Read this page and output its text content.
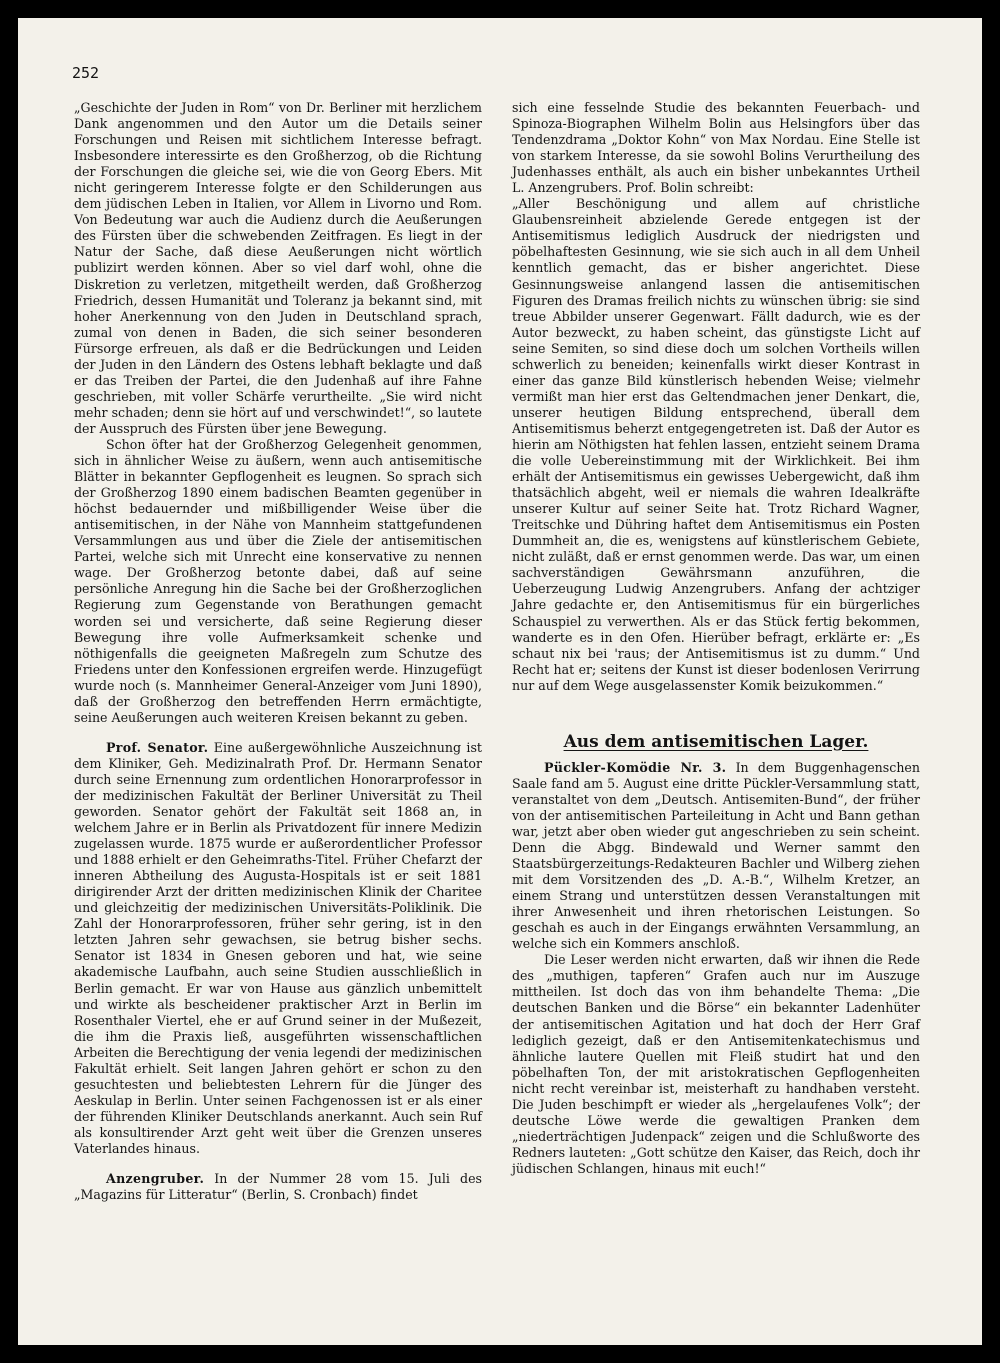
252

„Geschichte der Juden in Rom“ von Dr. Berliner mit herzlichem Dank angenommen und den Autor um die Details seiner Forschungen und Reisen mit sichtlichem Interesse befragt. Insbesondere interessirte es den Großherzog, ob die Richtung der Forschungen die gleiche sei, wie die von Georg Ebers. Mit nicht geringerem Interesse folgte er den Schilderungen aus dem jüdischen Leben in Italien, vor Allem in Livorno und Rom. Von Bedeutung war auch die Audienz durch die Aeußerungen des Fürsten über die schwebenden Zeitfragen. Es liegt in der Natur der Sache, daß diese Aeußerungen nicht wörtlich publizirt werden können. Aber so viel darf wohl, ohne die Diskretion zu verletzen, mitgetheilt werden, daß Großherzog Friedrich, dessen Humanität und Toleranz ja bekannt sind, mit hoher Anerkennung von den Juden in Deutschland sprach, zumal von denen in Baden, die sich seiner besonderen Fürsorge erfreuen, als daß er die Bedrückungen und Leiden der Juden in den Ländern des Ostens lebhaft beklagte und daß er das Treiben der Partei, die den Judenhaß auf ihre Fahne geschrieben, mit voller Schärfe verurtheilte. „Sie wird nicht mehr schaden; denn sie hört auf und verschwindet!“, so lautete der Ausspruch des Fürsten über jene Bewegung.

Schon öfter hat der Großherzog Gelegenheit genommen, sich in ähnlicher Weise zu äußern, wenn auch antisemitische Blätter in bekannter Gepflogenheit es leugnen. So sprach sich der Großherzog 1890 einem badischen Beamten gegenüber in höchst bedauernder und mißbilligender Weise über die antisemitischen, in der Nähe von Mannheim stattgefundenen Versammlungen aus und über die Ziele der antisemitischen Partei, welche sich mit Unrecht eine konservative zu nennen wage. Der Großherzog betonte dabei, daß auf seine persönliche Anregung hin die Sache bei der Großherzoglichen Regierung zum Gegenstande von Berathungen gemacht worden sei und versicherte, daß seine Regierung dieser Bewegung ihre volle Aufmerksamkeit schenke und nöthigenfalls die geeigneten Maßregeln zum Schutze des Friedens unter den Konfessionen ergreifen werde. Hinzugefügt wurde noch (s. Mannheimer General-Anzeiger vom Juni 1890), daß der Großherzog den betreffenden Herrn ermächtigte, seine Aeußerungen auch weiteren Kreisen bekannt zu geben.

Prof. Senator. Eine außergewöhnliche Auszeichnung ist dem Kliniker, Geh. Medizinalrath Prof. Dr. Hermann Senator durch seine Ernennung zum ordentlichen Honorarprofessor in der medizinischen Fakultät der Berliner Universität zu Theil geworden. Senator gehört der Fakultät seit 1868 an, in welchem Jahre er in Berlin als Privatdozent für innere Medizin zugelassen wurde. 1875 wurde er außerordentlicher Professor und 1888 erhielt er den Geheimraths-Titel. Früher Chefarzt der inneren Abtheilung des Augusta-Hospitals ist er seit 1881 dirigirender Arzt der dritten medizinischen Klinik der Charitee und gleichzeitig der medizinischen Universitäts-Poliklinik. Die Zahl der Honorarprofessoren, früher sehr gering, ist in den letzten Jahren sehr gewachsen, sie betrug bisher sechs. Senator ist 1834 in Gnesen geboren und hat, wie seine akademische Laufbahn, auch seine Studien ausschließlich in Berlin gemacht. Er war von Hause aus gänzlich unbemittelt und wirkte als bescheidener praktischer Arzt in Berlin im Rosenthaler Viertel, ehe er auf Grund seiner in der Mußezeit, die ihm die Praxis ließ, ausgeführten wissenschaftlichen Arbeiten die Berechtigung der venia legendi der medizinischen Fakultät erhielt. Seit langen Jahren gehört er schon zu den gesuchtesten und beliebtesten Lehrern für die Jünger des Aeskulap in Berlin. Unter seinen Fachgenossen ist er als einer der führenden Kliniker Deutschlands anerkannt. Auch sein Ruf als konsultirender Arzt geht weit über die Grenzen unseres Vaterlandes hinaus.

Anzengruber. In der Nummer 28 vom 15. Juli des „Magazins für Litteratur“ (Berlin, S. Cronbach) findet

sich eine fesselnde Studie des bekannten Feuerbach- und Spinoza-Biographen Wilhelm Bolin aus Helsingfors über das Tendenzdrama „Doktor Kohn“ von Max Nordau. Eine Stelle ist von starkem Interesse, da sie sowohl Bolins Verurtheilung des Judenhasses enthält, als auch ein bisher unbekanntes Urtheil L. Anzengrubers. Prof. Bolin schreibt:

„Aller Beschönigung und allem auf christliche Glaubensreinheit abzielende Gerede entgegen ist der Antisemitismus lediglich Ausdruck der niedrigsten und pöbelhaftesten Gesinnung, wie sie sich auch in all dem Unheil kenntlich gemacht, das er bisher angerichtet. Diese Gesinnungsweise anlangend lassen die antisemitischen Figuren des Dramas freilich nichts zu wünschen übrig: sie sind treue Abbilder unserer Gegenwart. Fällt dadurch, wie es der Autor bezweckt, zu haben scheint, das günstigste Licht auf seine Semiten, so sind diese doch um solchen Vortheils willen schwerlich zu beneiden; keinenfalls wirkt dieser Kontrast in einer das ganze Bild künstlerisch hebenden Weise; vielmehr vermißt man hier erst das Geltendmachen jener Denkart, die, unserer heutigen Bildung entsprechend, überall dem Antisemitismus beherzt entgegengetreten ist. Daß der Autor es hierin am Nöthigsten hat fehlen lassen, entzieht seinem Drama die volle Uebereinstimmung mit der Wirklichkeit. Bei ihm erhält der Antisemitismus ein gewisses Uebergewicht, daß ihm thatsächlich abgeht, weil er niemals die wahren Idealkräfte unserer Kultur auf seiner Seite hat. Trotz Richard Wagner, Treitschke und Dühring haftet dem Antisemitismus ein Posten Dummheit an, die es, wenigstens auf künstlerischem Gebiete, nicht zuläßt, daß er ernst genommen werde. Das war, um einen sachverständigen Gewährsmann anzuführen, die Ueberzeugung Ludwig Anzengrubers. Anfang der achtziger Jahre gedachte er, den Antisemitismus für ein bürgerliches Schauspiel zu verwerthen. Als er das Stück fertig bekommen, wanderte es in den Ofen. Hierüber befragt, erklärte er: „Es schaut nix bei 'raus; der Antisemitismus ist zu dumm.“ Und Recht hat er; seitens der Kunst ist dieser bodenlosen Verirrung nur auf dem Wege ausgelassenster Komik beizukommen.“

Aus dem antisemitischen Lager.

Pückler-Komödie Nr. 3. In dem Buggenhagenschen Saale fand am 5. August eine dritte Pückler-Versammlung statt, veranstaltet von dem „Deutsch. Antisemiten-Bund“, der früher von der antisemitischen Parteileitung in Acht und Bann gethan war, jetzt aber oben wieder gut angeschrieben zu sein scheint. Denn die Abgg. Bindewald und Werner sammt den Staatsbürgerzeitungs-Redakteuren Bachler und Wilberg ziehen mit dem Vorsitzenden des „D. A.-B.“, Wilhelm Kretzer, an einem Strang und unterstützen dessen Veranstaltungen mit ihrer Anwesenheit und ihren rhetorischen Leistungen. So geschah es auch in der Eingangs erwähnten Versammlung, an welche sich ein Kommers anschloß.

Die Leser werden nicht erwarten, daß wir ihnen die Rede des „muthigen, tapferen“ Grafen auch nur im Auszuge mittheilen. Ist doch das von ihm behandelte Thema: „Die deutschen Banken und die Börse“ ein bekannter Ladenhüter der antisemitischen Agitation und hat doch der Herr Graf lediglich gezeigt, daß er den Antisemitenkatechismus und ähnliche lautere Quellen mit Fleiß studirt hat und den pöbelhaften Ton, der mit aristokratischen Gepflogenheiten nicht recht vereinbar ist, meisterhaft zu handhaben versteht. Die Juden beschimpft er wieder als „hergelaufenes Volk“; der deutsche Löwe werde die gewaltigen Pranken dem „niederträchtigen Judenpack“ zeigen und die Schlußworte des Redners lauteten: „Gott schütze den Kaiser, das Reich, doch ihr jüdischen Schlangen, hinaus mit euch!“
